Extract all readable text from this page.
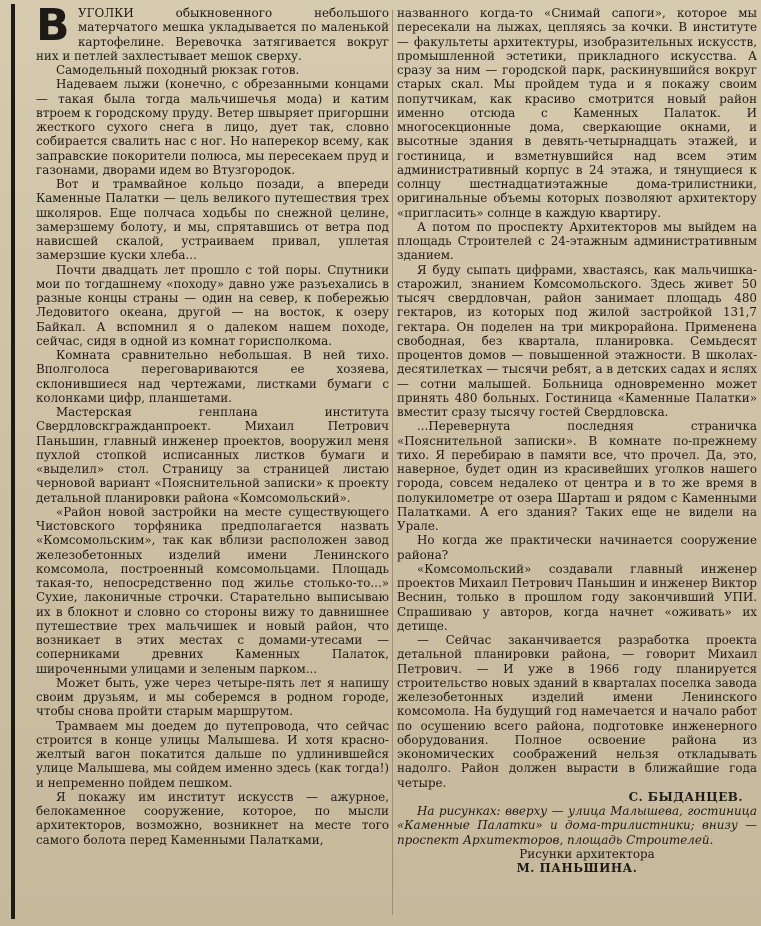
ВУГОЛКИ обыкновенного небольшого матерчатого мешка укладывается по маленькой картофелине. Веревочка затягивается вокруг них и петлей захлестывает мешок сверху.

Самодельный походный рюкзак готов.

Надеваем лыжи (конечно, с обрезанными концами — такая была тогда мальчишечья мода) и катим втроем к городскому пруду. Ветер швыряет пригоршни жесткого сухого снега в лицо, дует так, словно собирается свалить нас с ног. Но наперекор всему, как заправские покорители полюса, мы пересекаем пруд и газонами, дворами идем во Втузгородок.

Вот и трамвайное кольцо позади, а впереди Каменные Палатки — цель великого путешествия трех школяров. Еще полчаса ходьбы по снежной целине, замерзшему болоту, и мы, спрятавшись от ветра под нависшей скалой, устраиваем привал, уплетая замерзшие куски хлеба...

Почти двадцать лет прошло с той поры. Спутники мои по тогдашнему «походу» давно уже разъехались в разные концы страны — один на север, к побережью Ледовитого океана, другой — на восток, к озеру Байкал. А вспомнил я о далеком нашем походе, сейчас, сидя в одной из комнат горисполкома.

Комната сравнительно небольшая. В ней тихо. Вполголоса переговариваются ее хозяева, склонившиеся над чертежами, листками бумаги с колонками цифр, планшетами.

Мастерская генплана института Свердловскгражданпроект. Михаил Петрович Паньшин, главный инженер проектов, вооружил меня пухлой стопкой исписанных листков бумаги и «выделил» стол. Страницу за страницей листаю черновой вариант «Пояснительной записки» к проекту детальной планировки района «Комсомольский».

«Район новой застройки на месте существующего Чистовского торфяника предполагается назвать «Комсомольским», так как вблизи расположен завод железобетонных изделий имени Ленинского комсомола, построенный комсомольцами. Площадь такая-то, непосредственно под жилье столько-то...» Сухие, лаконичные строчки. Старательно выписываю их в блокнот и словно со стороны вижу то давнишнее путешествие трех мальчишек и новый район, что возникает в этих местах с домами-утесами — соперниками древних Каменных Палаток, широченными улицами и зеленым парком...

Может быть, уже через четыре-пять лет я напишу своим друзьям, и мы соберемся в родном городе, чтобы снова пройти старым маршрутом.

Трамваем мы доедем до путепровода, что сейчас строится в конце улицы Малышева. И хотя красно-желтый вагон покатится дальше по удлинившейся улице Малышева, мы сойдем именно здесь (как тогда!) и непременно пойдем пешком.

Я покажу им институт искусств — ажурное, белокаменное сооружение, которое, по мысли архитекторов, возможно, возникнет на месте того самого болота перед Каменными Палатками,

названного когда-то «Снимай сапоги», которое мы пересекали на лыжах, цепляясь за кочки. В институте — факультеты архитектуры, изобразительных искусств, промышленной эстетики, прикладного искусства. А сразу за ним — городской парк, раскинувшийся вокруг старых скал. Мы пройдем туда и я покажу своим попутчикам, как красиво смотрится новый район именно отсюда с Каменных Палаток. И многосекционные дома, сверкающие окнами, и высотные здания в девять-четырнадцать этажей, и гостиница, и взметнувшийся над всем этим административный корпус в 24 этажа, и тянущиеся к солнцу шестнадцатиэтажные дома-трилистники, оригинальные объемы которых позволяют архитектору «пригласить» солнце в каждую квартиру.

А потом по проспекту Архитекторов мы выйдем на площадь Строителей с 24-этажным административным зданием.

Я буду сыпать цифрами, хвастаясь, как мальчишка-старожил, знанием Комсомольского. Здесь живет 50 тысяч свердловчан, район занимает площадь 480 гектаров, из которых под жилой застройкой 131,7 гектара. Он поделен на три микрорайона. Применена свободная, без квартала, планировка. Семьдесят процентов домов — повышенной этажности. В школах-десятилетках — тысячи ребят, а в детских садах и яслях — сотни малышей. Больница одновременно может принять 480 больных. Гостиница «Каменные Палатки» вместит сразу тысячу гостей Свердловска.

...Перевернута последняя страничка «Пояснительной записки». В комнате по-прежнему тихо. Я перебираю в памяти все, что прочел. Да, это, наверное, будет один из красивейших уголков нашего города, совсем недалеко от центра и в то же время в полукилометре от озера Шарташ и рядом с Каменными Палатками. А его здания? Таких еще не видели на Урале.

Но когда же практически начинается сооружение района?

«Комсомольский» создавали главный инженер проектов Михаил Петрович Паньшин и инженер Виктор Веснин, только в прошлом году закончивший УПИ. Спрашиваю у авторов, когда начнет «оживать» их детище.

— Сейчас заканчивается разработка проекта детальной планировки района, — говорит Михаил Петрович. — И уже в 1966 году планируется строительство новых зданий в кварталах поселка завода железобетонных изделий имени Ленинского комсомола. На будущий год намечается и начало работ по осушению всего района, подготовке инженерного оборудования. Полное освоение района из экономических соображений нельзя откладывать надолго. Район должен вырасти в ближайшие года четыре.

С. БЫДАНЦЕВ.

На рисунках: вверху — улица Малышева, гостиница «Каменные Палатки» и дома-трилистники; внизу — проспект Архитекторов, площадь Строителей.

Рисунки архитектора
М. ПАНЬШИНА.
